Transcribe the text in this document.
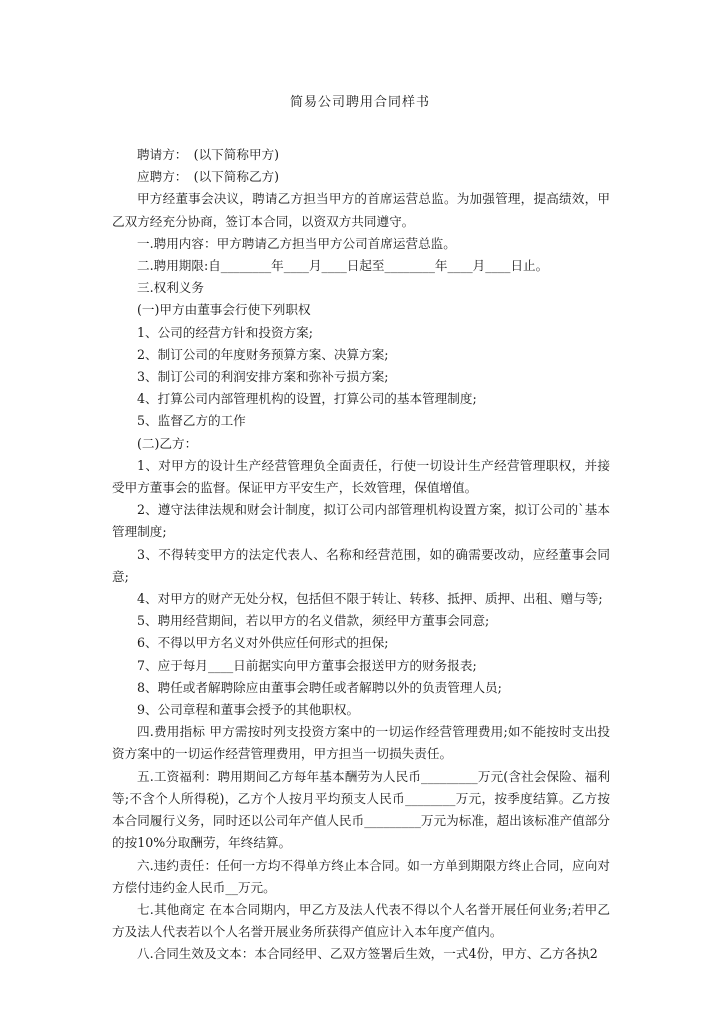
简易公司聘用合同样书

聘请方：　(以下简称甲方)

应聘方：　(以下简称乙方)

甲方经董事会决议，聘请乙方担当甲方的首席运营总监。为加强管理，提高绩效，甲乙双方经充分协商，签订本合同，以资双方共同遵守。

一.聘用内容：甲方聘请乙方担当甲方公司首席运营总监。

二.聘用期限:自________年____月____日起至________年____月____日止。

三.权利义务

(一)甲方由董事会行使下列职权

1、公司的经营方针和投资方案;

2、制订公司的年度财务预算方案、决算方案;

3、制订公司的利润安排方案和弥补亏损方案;

4、打算公司内部管理机构的设置，打算公司的基本管理制度;

5、监督乙方的工作

(二)乙方：

1、对甲方的设计生产经营管理负全面责任，行使一切设计生产经营管理职权，并接受甲方董事会的监督。保证甲方平安生产，长效管理，保值增值。

2、遵守法律法规和财会计制度，拟订公司内部管理机构设置方案，拟订公司的`基本管理制度;

3、不得转变甲方的法定代表人、名称和经营范围，如的确需要改动，应经董事会同意;

4、对甲方的财产无处分权，包括但不限于转让、转移、抵押、质押、出租、赠与等;

5、聘用经营期间，若以甲方的名义借款，须经甲方董事会同意;

6、不得以甲方名义对外供应任何形式的担保;

7、应于每月____日前据实向甲方董事会报送甲方的财务报表;

8、聘任或者解聘除应由董事会聘任或者解聘以外的负责管理人员;

9、公司章程和董事会授予的其他职权。

四.费用指标 甲方需按时列支投资方案中的一切运作经营管理费用;如不能按时支出投资方案中的一切运作经营管理费用，甲方担当一切损失责任。

五.工资福利：聘用期间乙方每年基本酬劳为人民币_________万元(含社会保险、福利等;不含个人所得税)，乙方个人按月平均预支人民币________万元，按季度结算。乙方按本合同履行义务，同时还以公司年产值人民币_________万元为标准，超出该标准产值部分的按10%分取酬劳，年终结算。

六.违约责任：任何一方均不得单方终止本合同。如一方单到期限方终止合同，应向对方偿付违约金人民币__万元。

七.其他商定 在本合同期内，甲乙方及法人代表不得以个人名誉开展任何业务;若甲乙方及法人代表若以个人名誉开展业务所获得产值应计入本年度产值内。

八.合同生效及文本：本合同经甲、乙双方签署后生效，一式4份，甲方、乙方各执2
